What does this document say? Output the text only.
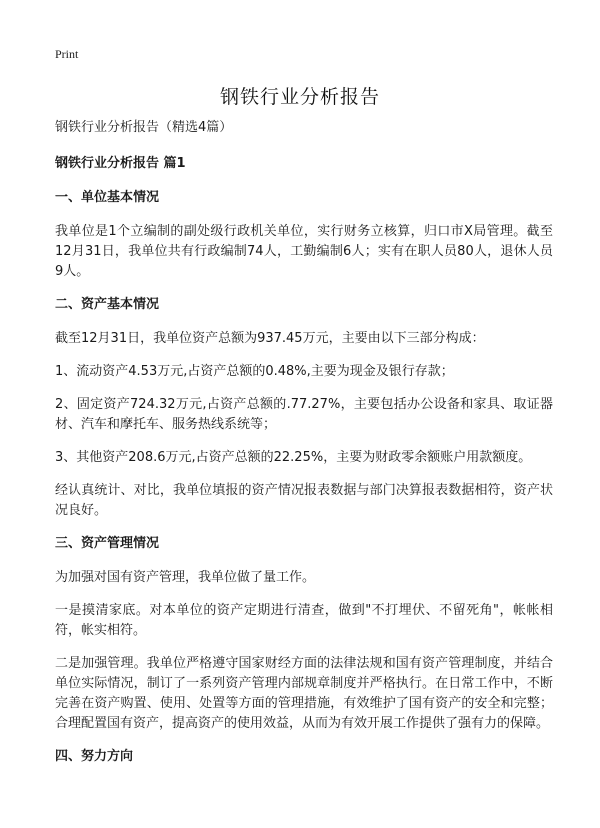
Print
钢铁行业分析报告

钢铁行业分析报告（精选4篇）

钢铁行业分析报告 篇1

一、单位基本情况

我单位是1个立编制的副处级行政机关单位，实行财务立核算，归口市X局管理。截至12月31日，我单位共有行政编制74人，工勤编制6人；实有在职人员80人，退休人员9人。

二、资产基本情况

截至12月31日，我单位资产总额为937.45万元，主要由以下三部分构成：

1、流动资产4.53万元,占资产总额的0.48%,主要为现金及银行存款；

2、固定资产724.32万元,占资产总额的.77.27%，主要包括办公设备和家具、取证器材、汽车和摩托车、服务热线系统等；

3、其他资产208.6万元,占资产总额的22.25%，主要为财政零余额账户用款额度。

经认真统计、对比，我单位填报的资产情况报表数据与部门决算报表数据相符，资产状况良好。

三、资产管理情况

为加强对国有资产管理，我单位做了量工作。

一是摸清家底。对本单位的资产定期进行清查，做到"不打埋伏、不留死角"，帐帐相符，帐实相符。

二是加强管理。我单位严格遵守国家财经方面的法律法规和国有资产管理制度，并结合单位实际情况，制订了一系列资产管理内部规章制度并严格执行。在日常工作中，不断完善在资产购置、使用、处置等方面的管理措施，有效维护了国有资产的安全和完整；合理配置国有资产，提高资产的使用效益，从而为有效开展工作提供了强有力的保障。

四、努力方向
